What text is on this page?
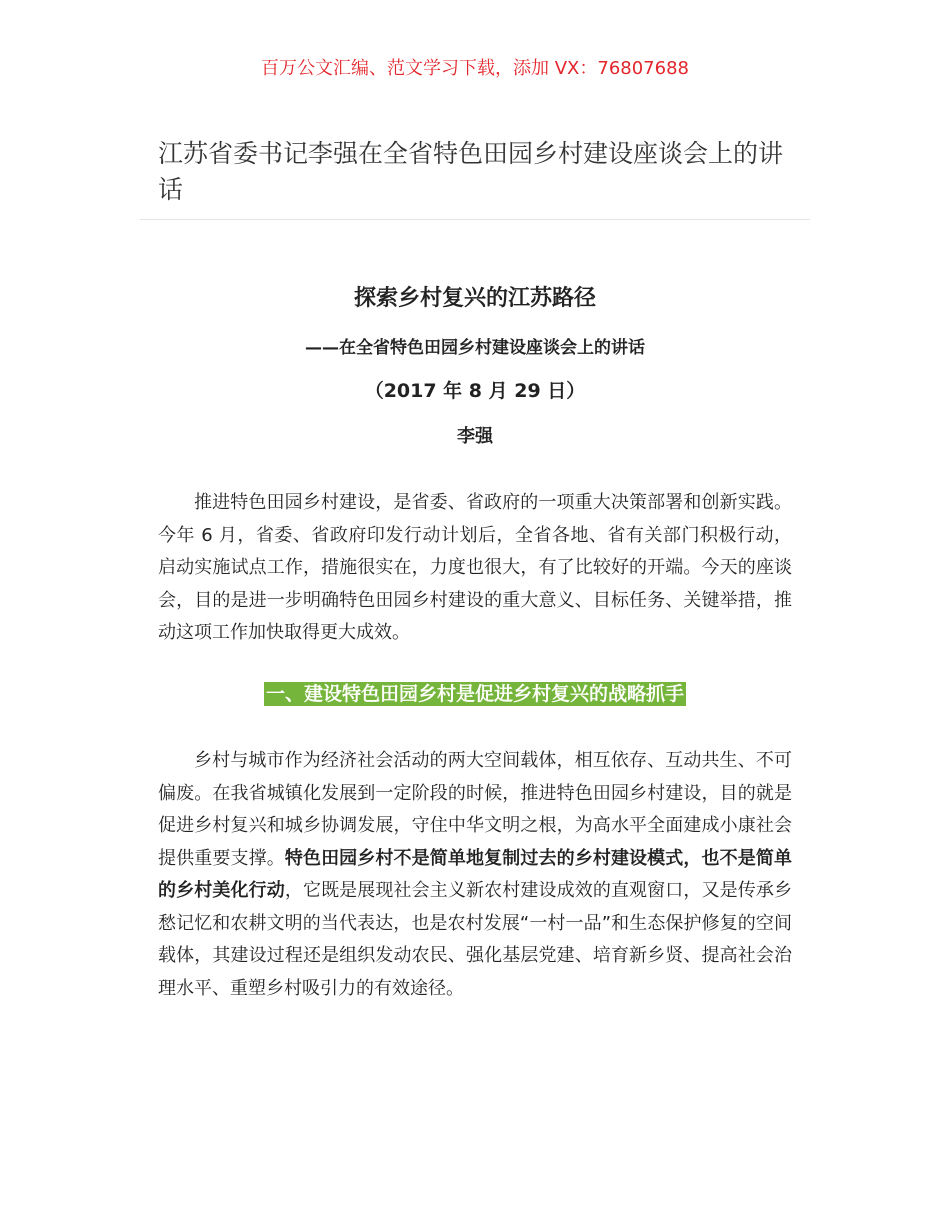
百万公文汇编、范文学习下载，添加 VX：76807688
江苏省委书记李强在全省特色田园乡村建设座谈会上的讲话
探索乡村复兴的江苏路径
——在全省特色田园乡村建设座谈会上的讲话
（2017 年 8 月 29 日）
李强

推进特色田园乡村建设，是省委、省政府的一项重大决策部署和创新实践。今年 6 月，省委、省政府印发行动计划后，全省各地、省有关部门积极行动，启动实施试点工作，措施很实在，力度也很大，有了比较好的开端。今天的座谈会，目的是进一步明确特色田园乡村建设的重大意义、目标任务、关键举措，推动这项工作加快取得更大成效。

一、建设特色田园乡村是促进乡村复兴的战略抓手

乡村与城市作为经济社会活动的两大空间载体，相互依存、互动共生、不可偏废。在我省城镇化发展到一定阶段的时候，推进特色田园乡村建设，目的就是促进乡村复兴和城乡协调发展，守住中华文明之根，为高水平全面建成小康社会提供重要支撑。特色田园乡村不是简单地复制过去的乡村建设模式，也不是简单的乡村美化行动，它既是展现社会主义新农村建设成效的直观窗口，又是传承乡愁记忆和农耕文明的当代表达，也是农村发展“一村一品”和生态保护修复的空间载体，其建设过程还是组织发动农民、强化基层党建、培育新乡贤、提高社会治理水平、重塑乡村吸引力的有效途径。
